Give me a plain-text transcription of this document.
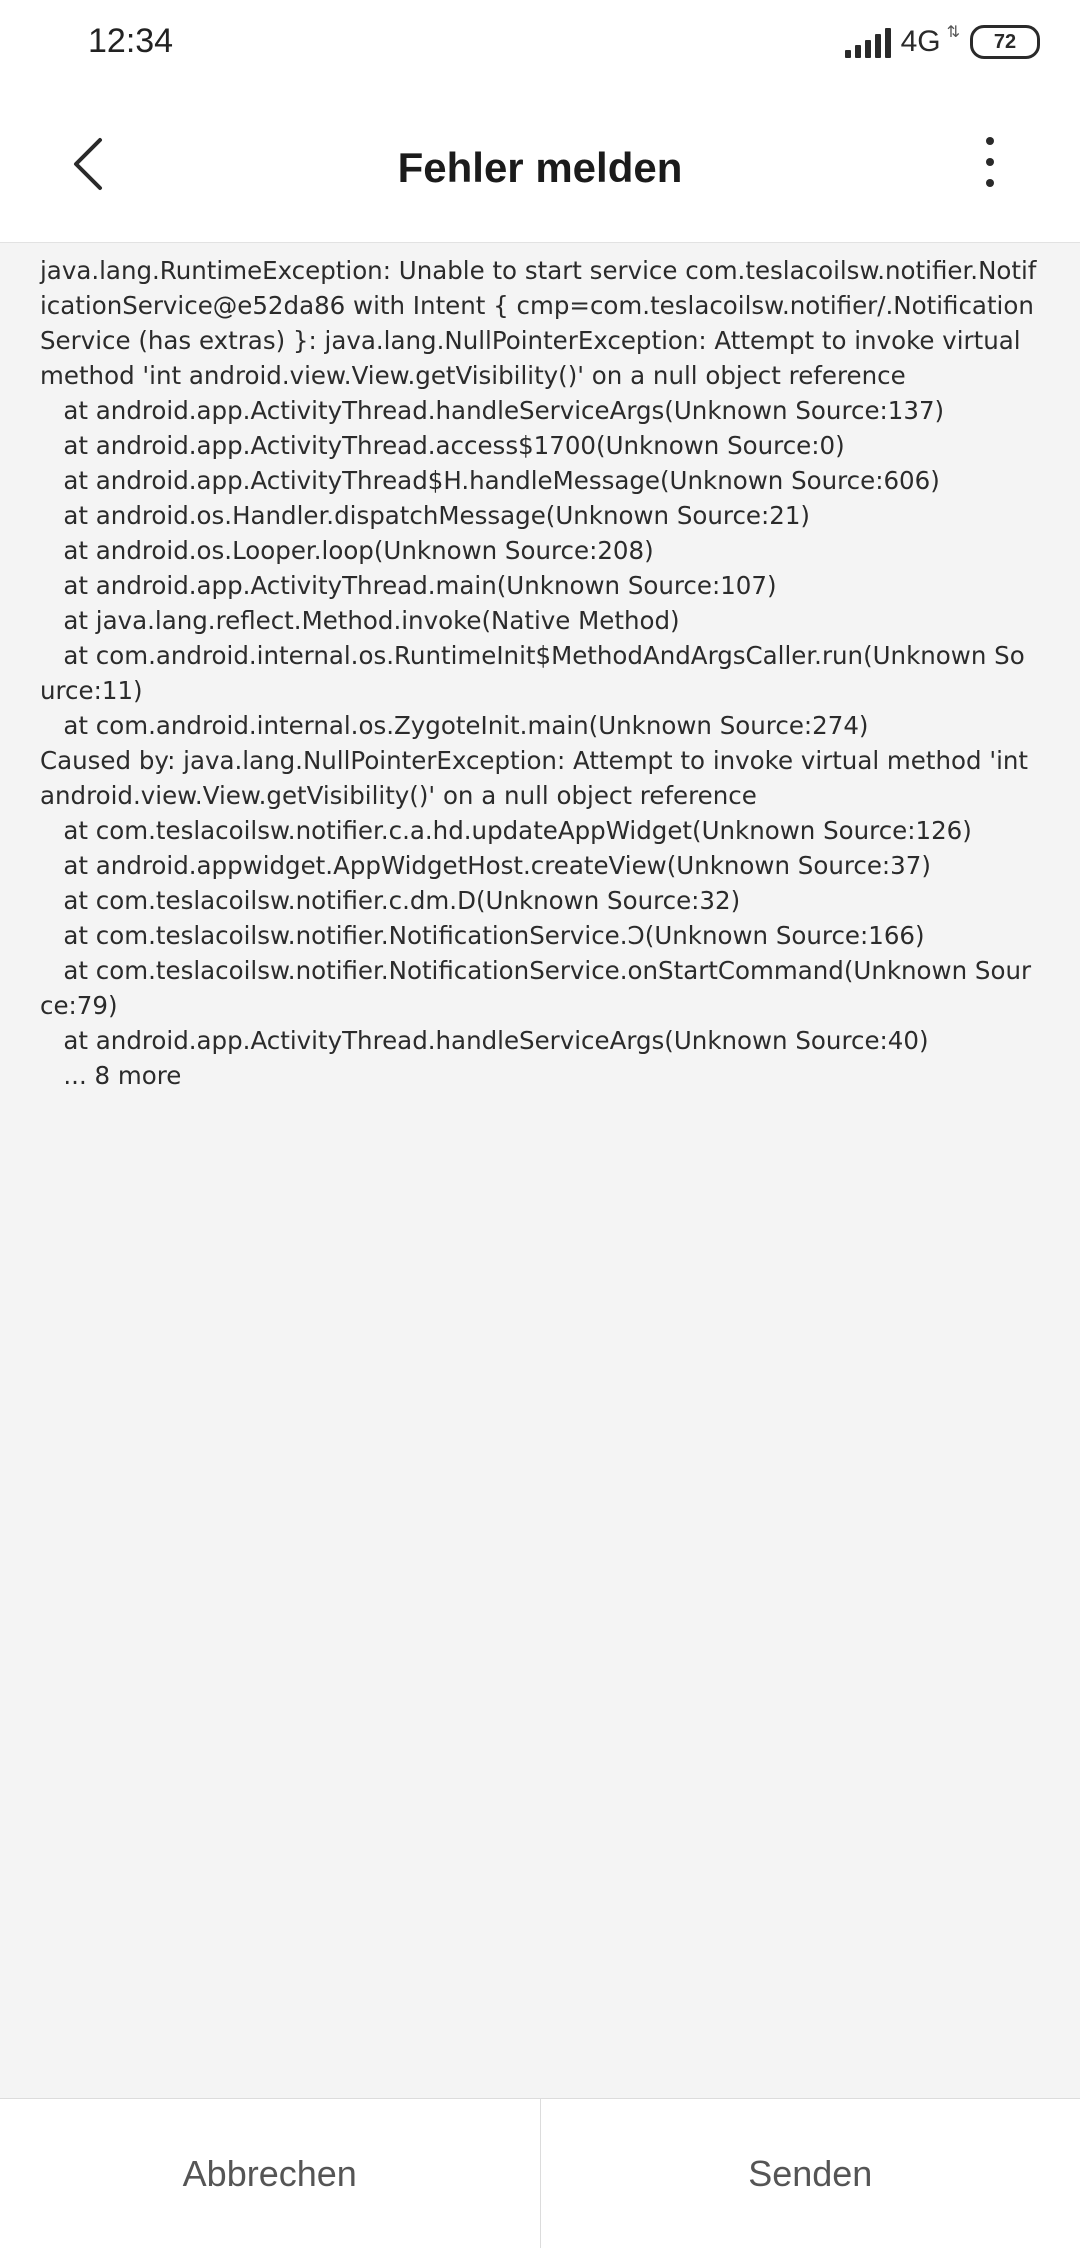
12:34	4G ⇅ 72
Fehler melden
java.lang.RuntimeException: Unable to start service com.teslacoilsw.notifier.NotificationService@e52da86 with Intent { cmp=com.teslacoilsw.notifier/.NotificationService (has extras) }: java.lang.NullPointerException: Attempt to invoke virtual method 'int android.view.View.getVisibility()' on a null object reference
at android.app.ActivityThread.handleServiceArgs(Unknown Source:137)
at android.app.ActivityThread.access$1700(Unknown Source:0)
at android.app.ActivityThread$H.handleMessage(Unknown Source:606)
at android.os.Handler.dispatchMessage(Unknown Source:21)
at android.os.Looper.loop(Unknown Source:208)
at android.app.ActivityThread.main(Unknown Source:107)
at java.lang.reflect.Method.invoke(Native Method)
at com.android.internal.os.RuntimeInit$MethodAndArgsCaller.run(Unknown Source:11)
at com.android.internal.os.ZygoteInit.main(Unknown Source:274)
Caused by: java.lang.NullPointerException: Attempt to invoke virtual method 'int android.view.View.getVisibility()' on a null object reference
at com.teslacoilsw.notifier.c.a.hd.updateAppWidget(Unknown Source:126)
at android.appwidget.AppWidgetHost.createView(Unknown Source:37)
at com.teslacoilsw.notifier.c.dm.D(Unknown Source:32)
at com.teslacoilsw.notifier.NotificationService.Ↄ(Unknown Source:166)
at com.teslacoilsw.notifier.NotificationService.onStartCommand(Unknown Source:79)
at android.app.ActivityThread.handleServiceArgs(Unknown Source:40)
... 8 more
Abbrechen	Senden
